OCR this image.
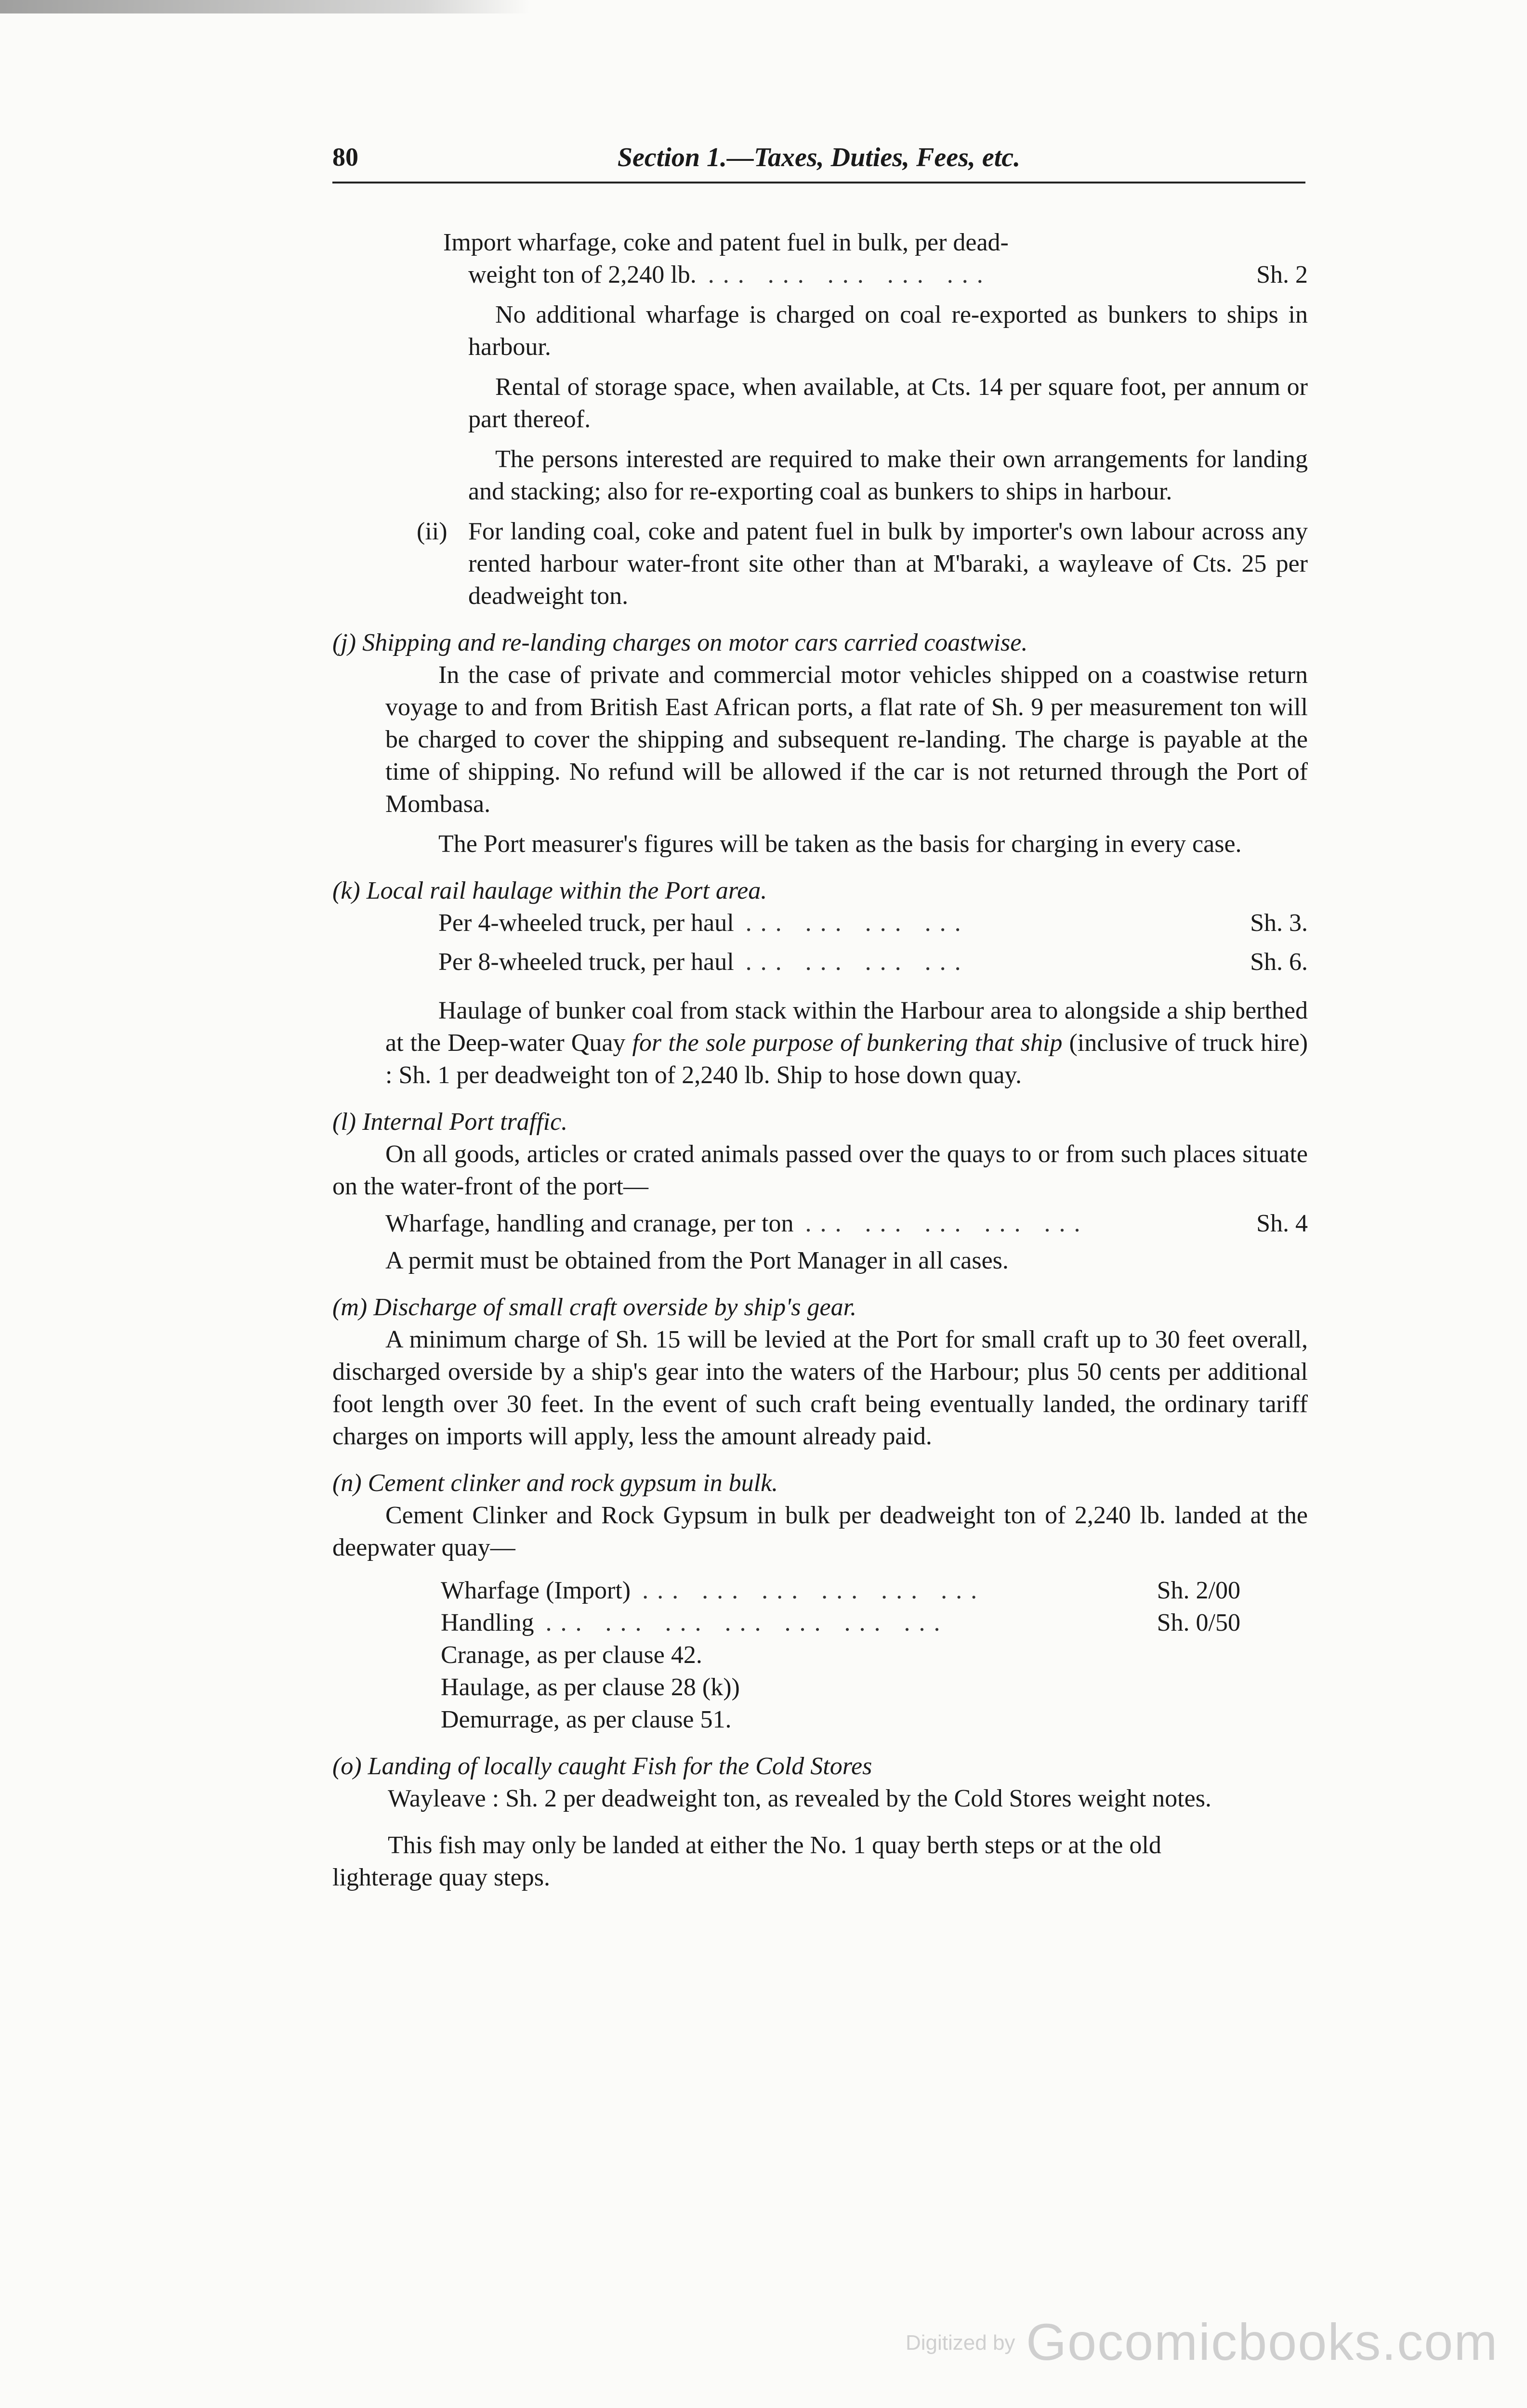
80	Section 1.—Taxes, Duties, Fees, etc.

Import wharfage, coke and patent fuel in bulk, per dead-

weight ton of 2,240 lb. ... ... ... ... ...	Sh. 2

No additional wharfage is charged on coal re-exported as bunkers to ships in harbour.

Rental of storage space, when available, at Cts. 14 per square foot, per annum or part thereof.

The persons interested are required to make their own arrangements for landing and stacking; also for re-exporting coal as bunkers to ships in harbour.

(ii) For landing coal, coke and patent fuel in bulk by importer's own labour across any rented harbour water-front site other than at M'baraki, a wayleave of Cts. 25 per deadweight ton.

(j) Shipping and re-landing charges on motor cars carried coastwise.

In the case of private and commercial motor vehicles shipped on a coastwise return voyage to and from British East African ports, a flat rate of Sh. 9 per measurement ton will be charged to cover the shipping and subsequent re-landing. The charge is payable at the time of shipping. No refund will be allowed if the car is not returned through the Port of Mombasa.

The Port measurer's figures will be taken as the basis for charging in every case.

(k) Local rail haulage within the Port area.

Per 4-wheeled truck, per haul ... ... ... ...	Sh. 3.
Per 8-wheeled truck, per haul ... ... ... ...	Sh. 6.

Haulage of bunker coal from stack within the Harbour area to alongside a ship berthed at the Deep-water Quay for the sole purpose of bunkering that ship (inclusive of truck hire) : Sh. 1 per deadweight ton of 2,240 lb. Ship to hose down quay.

(l) Internal Port traffic.

On all goods, articles or crated animals passed over the quays to or from such places situate on the water-front of the port—

Wharfage, handling and cranage, per ton ... ... ... ... ...	Sh. 4

A permit must be obtained from the Port Manager in all cases.

(m) Discharge of small craft overside by ship's gear.

A minimum charge of Sh. 15 will be levied at the Port for small craft up to 30 feet overall, discharged overside by a ship's gear into the waters of the Harbour; plus 50 cents per additional foot length over 30 feet. In the event of such craft being eventually landed, the ordinary tariff charges on imports will apply, less the amount already paid.

(n) Cement clinker and rock gypsum in bulk.

Cement Clinker and Rock Gypsum in bulk per deadweight ton of 2,240 lb. landed at the deepwater quay—

Wharfage (Import) ... ... ... ... ... ...	Sh. 2/00
Handling ... ... ... ... ... ... ...	Sh. 0/50

Cranage, as per clause 42.

Haulage, as per clause 28 (k))

Demurrage, as per clause 51.

(o) Landing of locally caught Fish for the Cold Stores

Wayleave : Sh. 2 per deadweight ton, as revealed by the Cold Stores weight notes.

This fish may only be landed at either the No. 1 quay berth steps or at the old lighterage quay steps.

Digitized by Gocomicbooks.com
